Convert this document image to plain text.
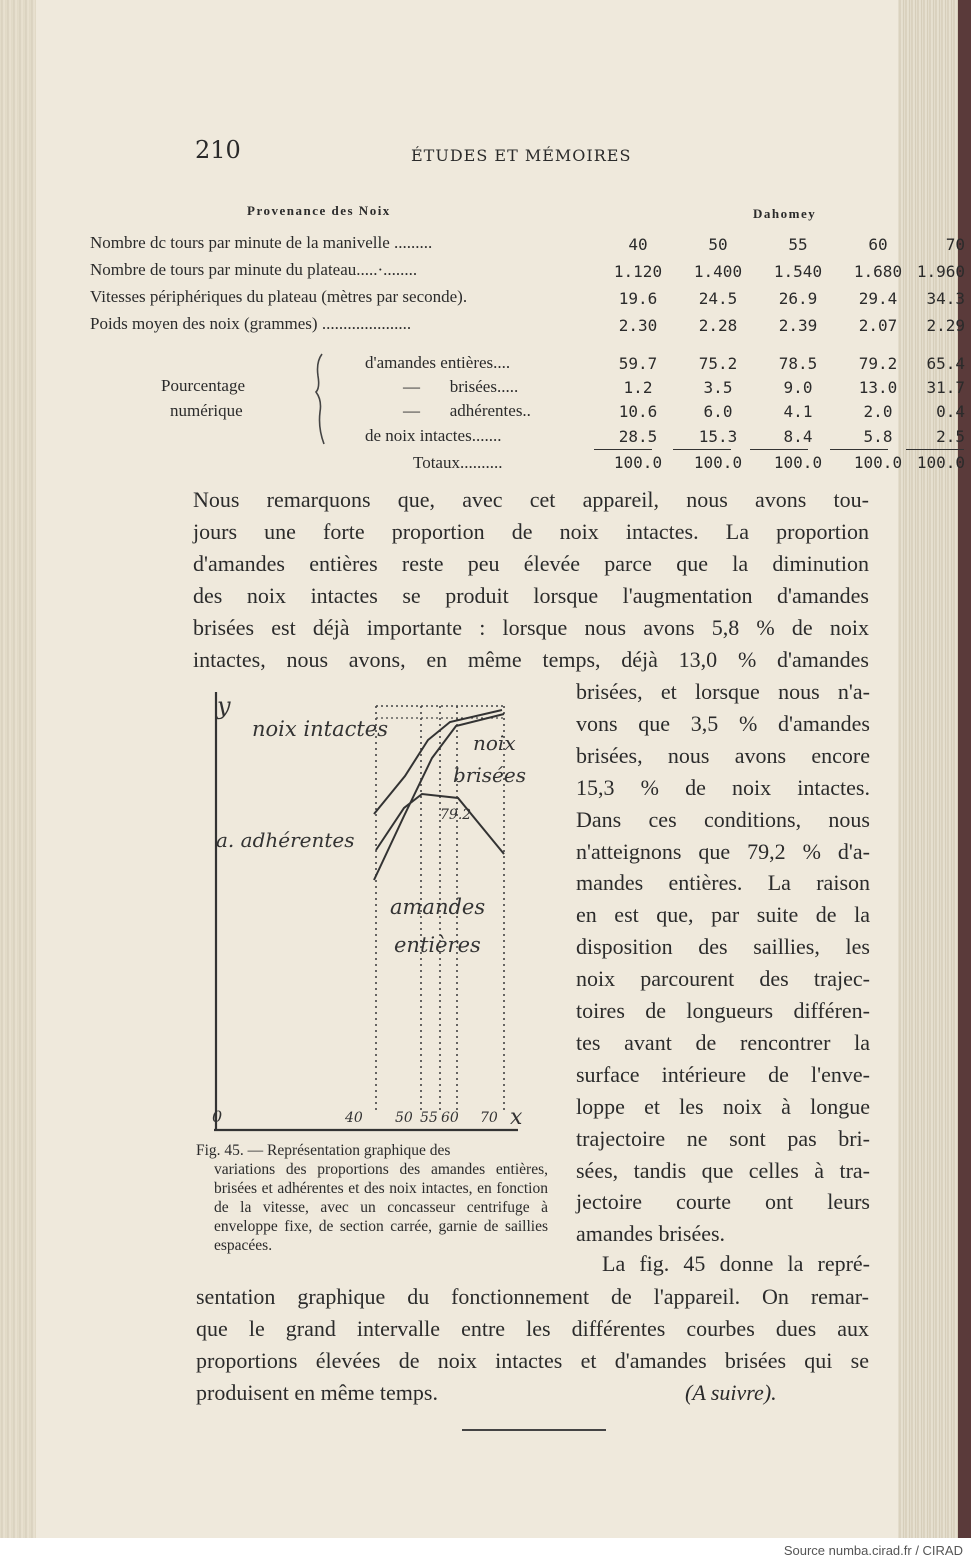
210	ÉTUDES ET MÉMOIRES
Provenance des Noix	Dahomey
Nombre dc tours par minute de la manivelle .........	40	50	55	60	70
Nombre de tours par minute du plateau.....·........	1.120	1.400	1.540	1.680 1.960
Vitesses périphériques du plateau (mètres par seconde).	19.6	24.5	26.9	29.4	34.3
Poids moyen des noix (grammes) .....................	2.30	2.28	2.39	2.07	2.29
Pourcentage
numérique
d'amandes entières....	59.7	75.2	78.5	79.2	65.4
—       brisées.....	1.2	3.5	9.0	13.0	31.7
—       adhérentes..	10.6	6.0	4.1	2.0	0.4
de noix intactes.......	28.5	15.3	8.4	5.8	2.5
Totaux..........	100.0	100.0	100.0	100.0 100.0
Nous remarquons que, avec cet appareil, nous avons tou-
jours une forte proportion de noix intactes. La proportion
d'amandes entières reste peu élevée parce que la diminution
des noix intactes se produit lorsque l'augmentation d'amandes
brisées est déjà importante : lorsque nous avons 5,8 % de noix
intactes, nous avons, en même temps, déjà 13,0 % d'amandes
brisées, et lorsque nous n'a-
vons que 3,5 % d'amandes
brisées, nous avons encore
15,3 % de noix intactes.
Dans ces conditions, nous
n'atteignons que 79,2 % d'a-
mandes entières. La raison
en est que, par suite de la
disposition des saillies, les
noix parcourent des trajec-
toires de longueurs différen-
tes avant de rencontrer la
surface intérieure de l'enve-
loppe et les noix à longue
trajectoire ne sont pas bri-
sées, tandis que celles à tra-
jectoire courte ont leurs
amandes brisées.
y
noix intactes
noix
brisées
79.2
a. adhérentes
amandes
entières
0	40 50 55 60 70 x
Fig. 45. — Représentation graphique des
variations des proportions des amandes entières, brisées et adhérentes et des noix intactes, en fonction de la vitesse, avec un concasseur centrifuge à enveloppe fixe, de section carrée, garnie de saillies espacées.
La fig. 45 donne la repré-
sentation graphique du fonctionnement de l'appareil. On remar-
que le grand intervalle entre les différentes courbes dues aux
proportions élevées de noix intactes et d'amandes brisées qui se
produisent en même temps.	(A suivre).
Source numba.cirad.fr / CIRAD
